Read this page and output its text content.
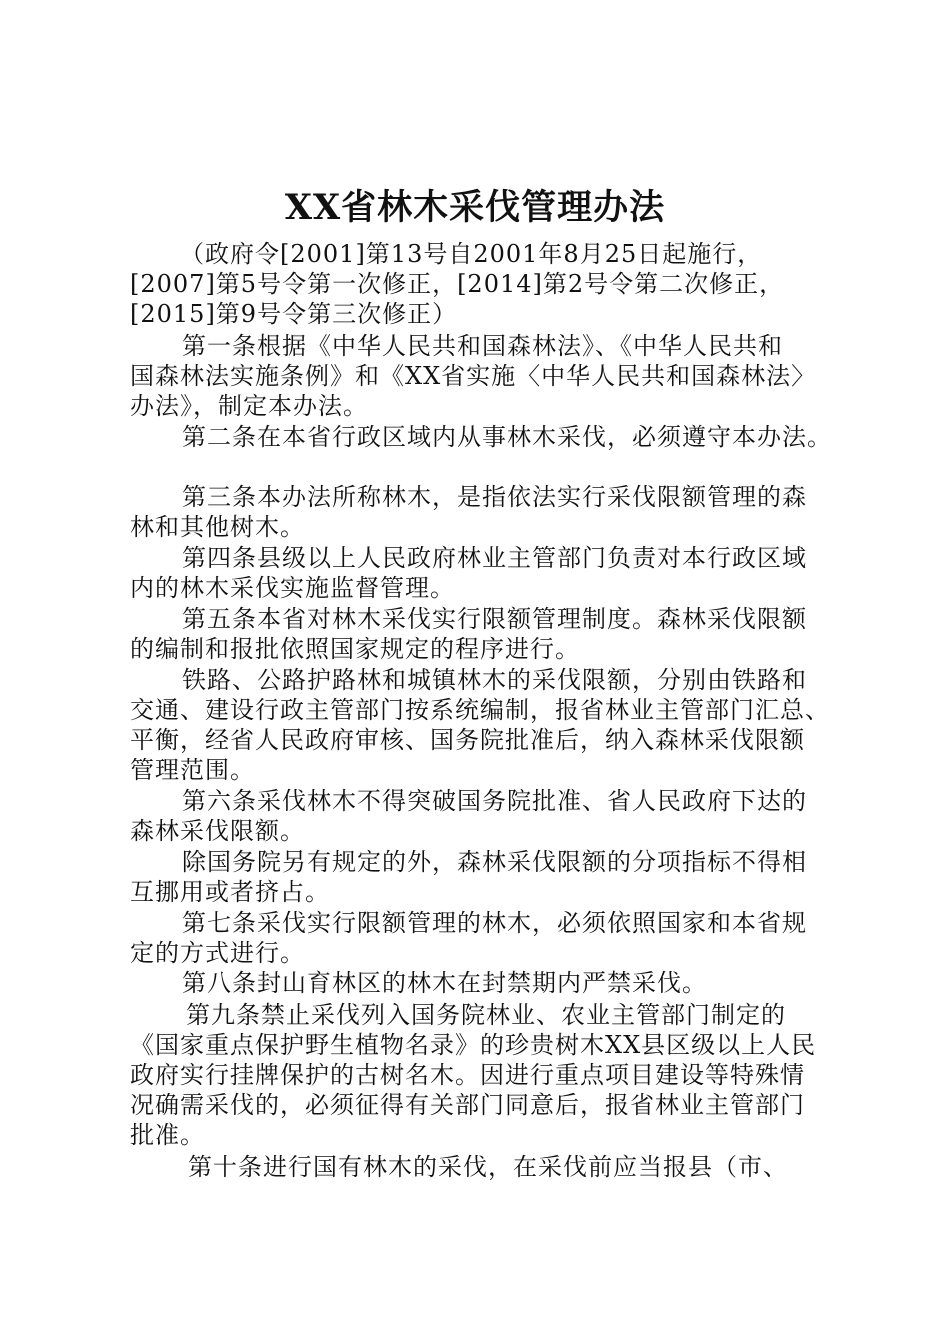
XX省林木采伐管理办法
（政府令[2001]第13号自2001年8月25日起施行，
[2007]第5号令第一次修正，[2014]第2号令第二次修正，
[2015]第9号令第三次修正）
第一条根据《中华人民共和国森林法》、《中华人民共和
国森林法实施条例》和《XX省实施〈中华人民共和国森林法〉
办法》，制定本办法。
第二条在本省行政区域内从事林木采伐，必须遵守本办法。
第三条本办法所称林木，是指依法实行采伐限额管理的森
林和其他树木。
第四条县级以上人民政府林业主管部门负责对本行政区域
内的林木采伐实施监督管理。
第五条本省对林木采伐实行限额管理制度。森林采伐限额
的编制和报批依照国家规定的程序进行。
铁路、公路护路林和城镇林木的采伐限额，分别由铁路和
交通、建设行政主管部门按系统编制，报省林业主管部门汇总、
平衡，经省人民政府审核、国务院批准后，纳入森林采伐限额
管理范围。
第六条采伐林木不得突破国务院批准、省人民政府下达的
森林采伐限额。
除国务院另有规定的外，森林采伐限额的分项指标不得相
互挪用或者挤占。
第七条采伐实行限额管理的林木，必须依照国家和本省规
定的方式进行。
第八条封山育林区的林木在封禁期内严禁采伐。
第九条禁止采伐列入国务院林业、农业主管部门制定的
《国家重点保护野生植物名录》的珍贵树木XX县区级以上人民
政府实行挂牌保护的古树名木。因进行重点项目建设等特殊情
况确需采伐的，必须征得有关部门同意后，报省林业主管部门
批准。
第十条进行国有林木的采伐，在采伐前应当报县（市、
